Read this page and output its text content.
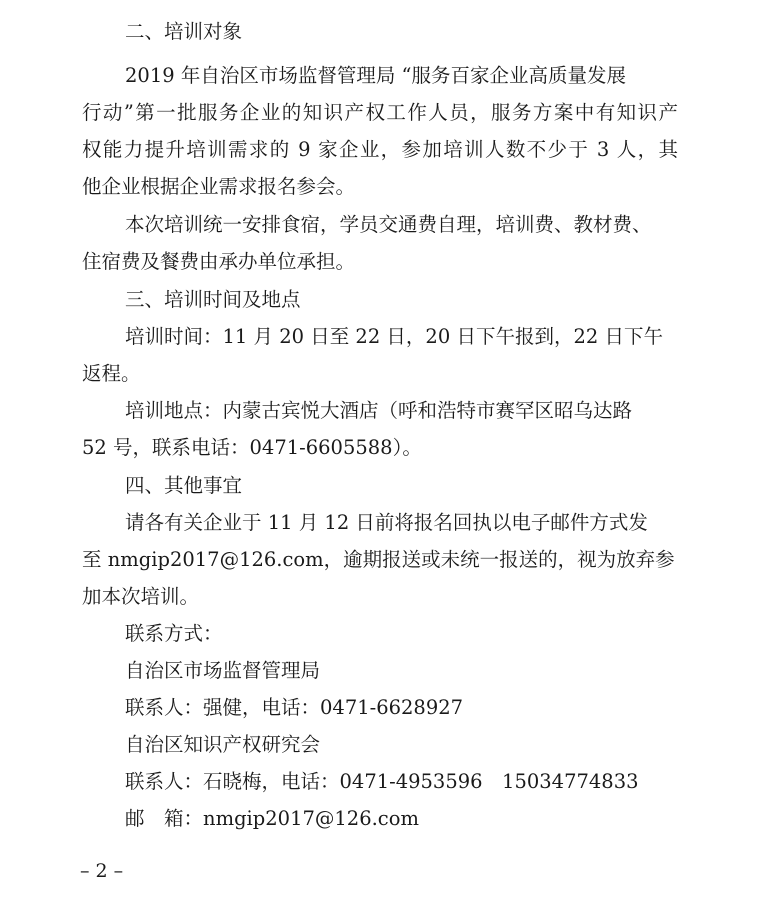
二、培训对象
2019 年自治区市场监督管理局 “服务百家企业高质量发展
行动”第一批服务企业的知识产权工作人员，服务方案中有知识产
权能力提升培训需求的 9 家企业，参加培训人数不少于 3 人，其
他企业根据企业需求报名参会。
本次培训统一安排食宿，学员交通费自理，培训费、教材费、
住宿费及餐费由承办单位承担。
三、培训时间及地点
培训时间：11 月 20 日至 22 日，20 日下午报到，22 日下午
返程。
培训地点：内蒙古宾悦大酒店（呼和浩特市赛罕区昭乌达路
52 号，联系电话：0471-6605588）。
四、其他事宜
请各有关企业于 11 月 12 日前将报名回执以电子邮件方式发
至 nmgip2017@126.com，逾期报送或未统一报送的，视为放弃参
加本次培训。
联系方式：
自治区市场监督管理局
联系人：强健，电话：0471-6628927
自治区知识产权研究会
联系人：石晓梅，电话：0471-4953596　15034774833
邮　箱：nmgip2017@126.com
– 2 –
